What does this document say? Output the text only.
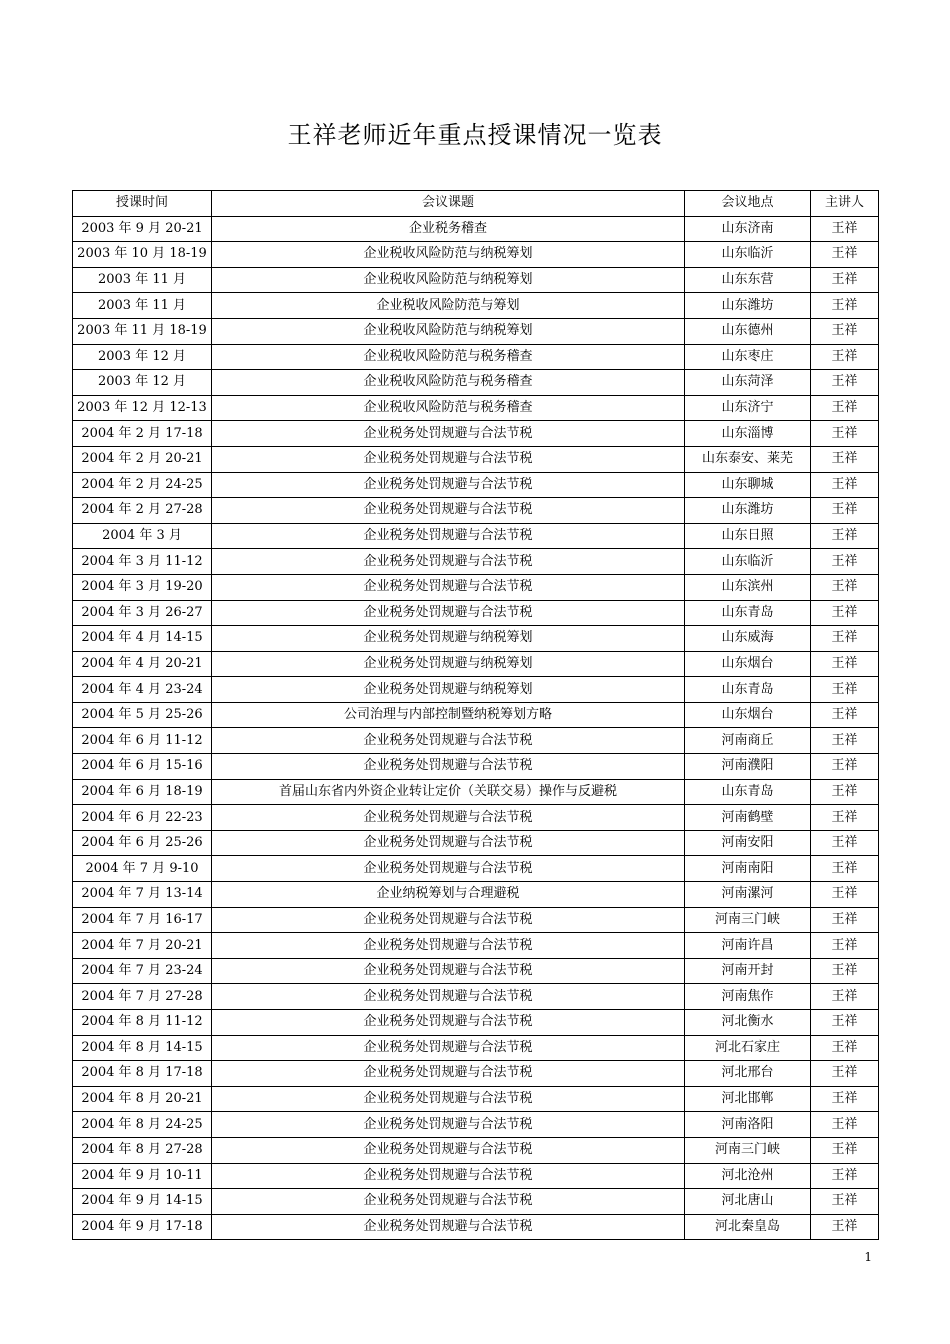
王祥老师近年重点授课情况一览表
授课时间	会议课题	会议地点	主讲人
2003 年 9 月 20-21	企业税务稽查	山东济南	王祥
2003 年 10 月 18-19	企业税收风险防范与纳税筹划	山东临沂	王祥
2003 年 11 月	企业税收风险防范与纳税筹划	山东东营	王祥
2003 年 11 月	企业税收风险防范与筹划	山东潍坊	王祥
2003 年 11 月 18-19	企业税收风险防范与纳税筹划	山东德州	王祥
2003 年 12 月	企业税收风险防范与税务稽查	山东枣庄	王祥
2003 年 12 月	企业税收风险防范与税务稽查	山东菏泽	王祥
2003 年 12 月 12-13	企业税收风险防范与税务稽查	山东济宁	王祥
2004 年 2 月 17-18	企业税务处罚规避与合法节税	山东淄博	王祥
2004 年 2 月 20-21	企业税务处罚规避与合法节税	山东泰安、莱芜	王祥
2004 年 2 月 24-25	企业税务处罚规避与合法节税	山东聊城	王祥
2004 年 2 月 27-28	企业税务处罚规避与合法节税	山东潍坊	王祥
2004 年 3 月	企业税务处罚规避与合法节税	山东日照	王祥
2004 年 3 月 11-12	企业税务处罚规避与合法节税	山东临沂	王祥
2004 年 3 月 19-20	企业税务处罚规避与合法节税	山东滨州	王祥
2004 年 3 月 26-27	企业税务处罚规避与合法节税	山东青岛	王祥
2004 年 4 月 14-15	企业税务处罚规避与纳税筹划	山东威海	王祥
2004 年 4 月 20-21	企业税务处罚规避与纳税筹划	山东烟台	王祥
2004 年 4 月 23-24	企业税务处罚规避与纳税筹划	山东青岛	王祥
2004 年 5 月 25-26	公司治理与内部控制暨纳税筹划方略	山东烟台	王祥
2004 年 6 月 11-12	企业税务处罚规避与合法节税	河南商丘	王祥
2004 年 6 月 15-16	企业税务处罚规避与合法节税	河南濮阳	王祥
2004 年 6 月 18-19	首届山东省内外资企业转让定价（关联交易）操作与反避税	山东青岛	王祥
2004 年 6 月 22-23	企业税务处罚规避与合法节税	河南鹤壁	王祥
2004 年 6 月 25-26	企业税务处罚规避与合法节税	河南安阳	王祥
2004 年 7 月 9-10	企业税务处罚规避与合法节税	河南南阳	王祥
2004 年 7 月 13-14	企业纳税筹划与合理避税	河南漯河	王祥
2004 年 7 月 16-17	企业税务处罚规避与合法节税	河南三门峡	王祥
2004 年 7 月 20-21	企业税务处罚规避与合法节税	河南许昌	王祥
2004 年 7 月 23-24	企业税务处罚规避与合法节税	河南开封	王祥
2004 年 7 月 27-28	企业税务处罚规避与合法节税	河南焦作	王祥
2004 年 8 月 11-12	企业税务处罚规避与合法节税	河北衡水	王祥
2004 年 8 月 14-15	企业税务处罚规避与合法节税	河北石家庄	王祥
2004 年 8 月 17-18	企业税务处罚规避与合法节税	河北邢台	王祥
2004 年 8 月 20-21	企业税务处罚规避与合法节税	河北邯郸	王祥
2004 年 8 月 24-25	企业税务处罚规避与合法节税	河南洛阳	王祥
2004 年 8 月 27-28	企业税务处罚规避与合法节税	河南三门峡	王祥
2004 年 9 月 10-11	企业税务处罚规避与合法节税	河北沧州	王祥
2004 年 9 月 14-15	企业税务处罚规避与合法节税	河北唐山	王祥
2004 年 9 月 17-18	企业税务处罚规避与合法节税	河北秦皇岛	王祥
1
